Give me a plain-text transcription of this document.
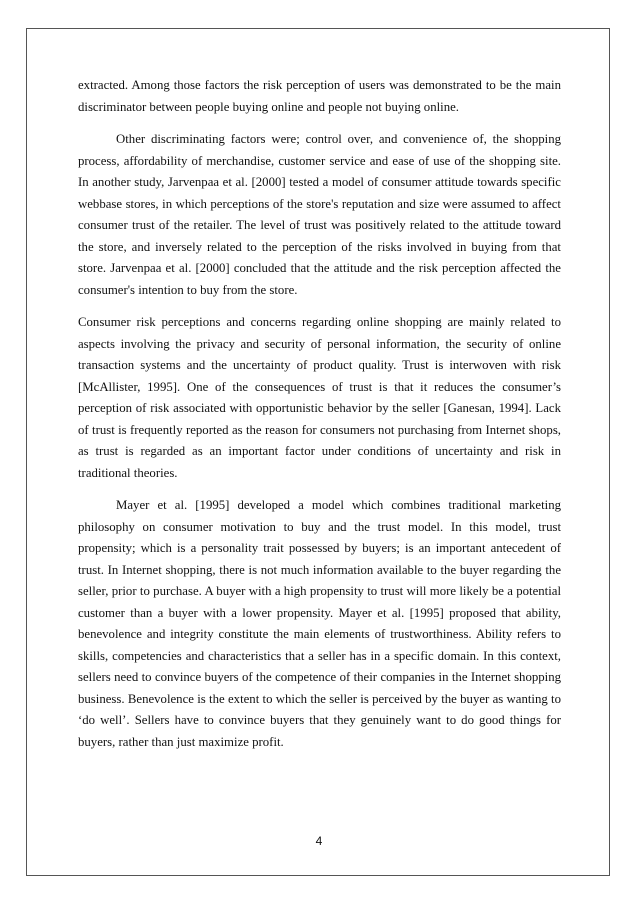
extracted. Among those factors the risk perception of users was demonstrated to be the main discriminator between people buying online and people not buying online.

Other discriminating factors were; control over, and convenience of, the shopping process, affordability of merchandise, customer service and ease of use of the shopping site. In another study, Jarvenpaa et al. [2000] tested a model of consumer attitude towards specific webbase stores, in which perceptions of the store's reputation and size were assumed to affect consumer trust of the retailer. The level of trust was positively related to the attitude toward the store, and inversely related to the perception of the risks involved in buying from that store. Jarvenpaa et al. [2000] concluded that the attitude and the risk perception affected the consumer's intention to buy from the store.

Consumer risk perceptions and concerns regarding online shopping are mainly related to aspects involving the privacy and security of personal information, the security of online transaction systems and the uncertainty of product quality. Trust is interwoven with risk [McAllister, 1995]. One of the consequences of trust is that it reduces the consumer’s perception of risk associated with opportunistic behavior by the seller [Ganesan, 1994]. Lack of trust is frequently reported as the reason for consumers not purchasing from Internet shops, as trust is regarded as an important factor under conditions of uncertainty and risk in traditional theories.

Mayer et al. [1995] developed a model which combines traditional marketing philosophy on consumer motivation to buy and the trust model. In this model, trust propensity; which is a personality trait possessed by buyers; is an important antecedent of trust. In Internet shopping, there is not much information available to the buyer regarding the seller, prior to purchase. A buyer with a high propensity to trust will more likely be a potential customer than a buyer with a lower propensity. Mayer et al. [1995] proposed that ability, benevolence and integrity constitute the main elements of trustworthiness. Ability refers to skills, competencies and characteristics that a seller has in a specific domain. In this context, sellers need to convince buyers of the competence of their companies in the Internet shopping business. Benevolence is the extent to which the seller is perceived by the buyer as wanting to ‘do well’. Sellers have to convince buyers that they genuinely want to do good things for buyers, rather than just maximize profit.

4
